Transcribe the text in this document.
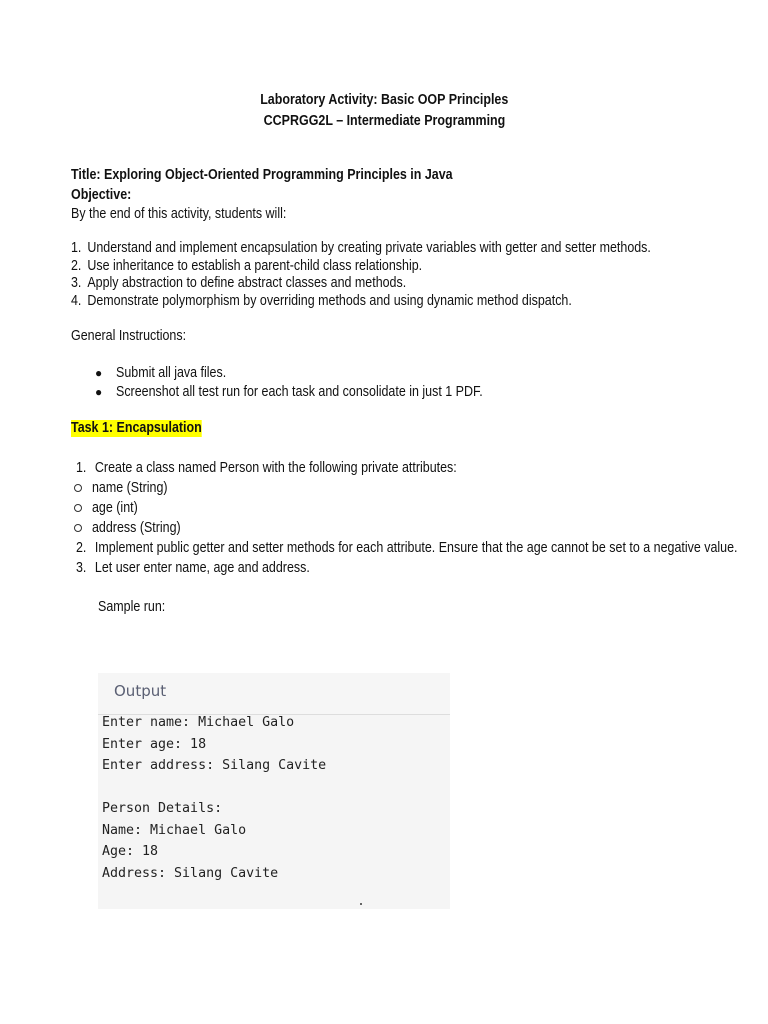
Laboratory Activity: Basic OOP Principles
CCPRGG2L – Intermediate Programming
Title: Exploring Object-Oriented Programming Principles in Java
Objective:
By the end of this activity, students will:
1. Understand and implement encapsulation by creating private variables with getter and setter methods.
2. Use inheritance to establish a parent-child class relationship.
3. Apply abstraction to define abstract classes and methods.
4. Demonstrate polymorphism by overriding methods and using dynamic method dispatch.
General Instructions:
● Submit all java files.
● Screenshot all test run for each task and consolidate in just 1 PDF.
Task 1: Encapsulation
1. Create a class named Person with the following private attributes:
name (String)
age (int)
address (String)
2. Implement public getter and setter methods for each attribute. Ensure that the age cannot be set to a negative value.
3. Let user enter name, age and address.
Sample run:
Output
Enter name: Michael Galo
Enter age: 18
Enter address: Silang Cavite
Person Details:
Name: Michael Galo
Age: 18
Address: Silang Cavite
